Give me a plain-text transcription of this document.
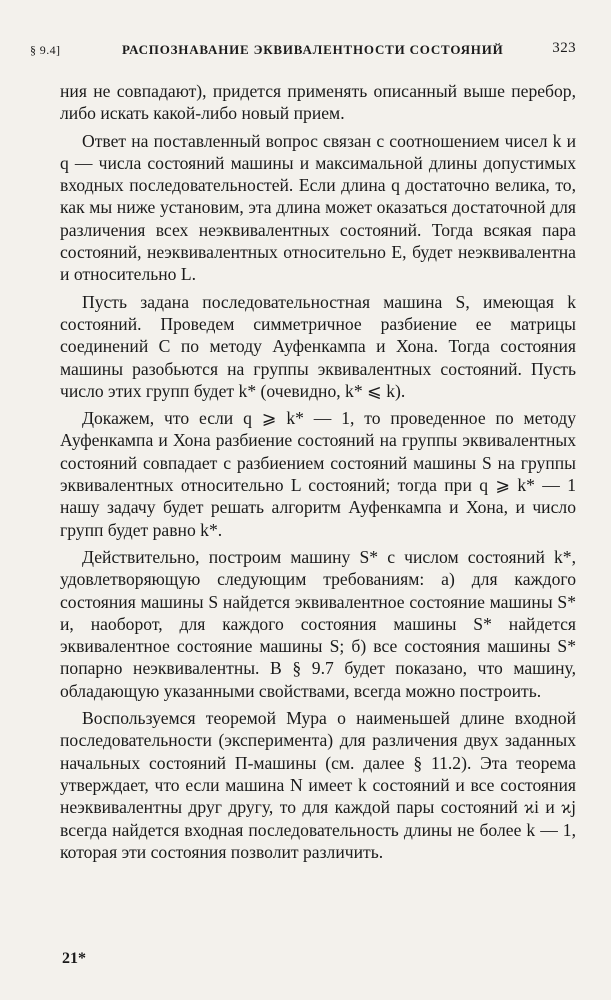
§ 9.4]	РАСПОЗНАВАНИЕ ЭКВИВАЛЕНТНОСТИ СОСТОЯНИЙ	323

ния не совпадают), придется применять описанный выше перебор, либо искать какой-либо новый прием.

Ответ на поставленный вопрос связан с соотношением чисел k и q — числа состояний машины и максимальной длины допустимых входных последовательностей. Если длина q достаточно велика, то, как мы ниже установим, эта длина может оказаться достаточной для различения всех неэквивалентных состояний. Тогда всякая пара состояний, неэквивалентных относительно E, будет неэквивалентна и относительно L.

Пусть задана последовательностная машина S, имеющая k состояний. Проведем симметричное разбиение ее матрицы соединений C по методу Ауфенкампа и Хона. Тогда состояния машины разобьются на группы эквивалентных состояний. Пусть число этих групп будет k* (очевидно, k* ⩽ k).

Докажем, что если q ⩾ k* — 1, то проведенное по методу Ауфенкампа и Хона разбиение состояний на группы эквивалентных состояний совпадает с разбиением состояний машины S на группы эквивалентных относительно L состояний; тогда при q ⩾ k* — 1 нашу задачу будет решать алгоритм Ауфенкампа и Хона, и число групп будет равно k*.

Действительно, построим машину S* с числом состояний k*, удовлетворяющую следующим требованиям: а) для каждого состояния машины S найдется эквивалентное состояние машины S* и, наоборот, для каждого состояния машины S* найдется эквивалентное состояние машины S; б) все состояния машины S* попарно неэквивалентны. В § 9.7 будет показано, что машину, обладающую указанными свойствами, всегда можно построить.

Воспользуемся теоремой Мура о наименьшей длине входной последовательности (эксперимента) для различения двух заданных начальных состояний П-машины (см. далее § 11.2). Эта теорема утверждает, что если машина N имеет k состояний и все состояния неэквивалентны друг другу, то для каждой пары состояний ϰi и ϰj всегда найдется входная последовательность длины не более k — 1, которая эти состояния позволит различить.

21*
